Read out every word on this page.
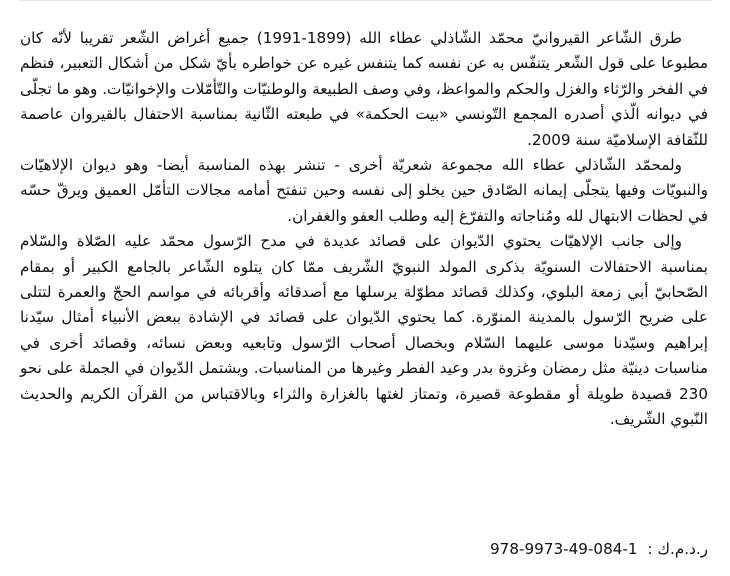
طرق الشّاعر القيروانيّ محمّد الشّاذلي عطاء الله (1899-1991) جميع أغراض الشّعر تقريبا لأنّه كان مطبوعا على قول الشّعر يتنفّس به عن نفسه كما يتنفس غيره عن خواطره بأيّ شكل من أشكال التعبير، فنظم في الفخر والرّثاء والغزل والحكم والمواعظ، وفي وصف الطبيعة والوطنيّات والتّأمّلات والإخوانيّات. وهو ما تجلّى في ديوانه الّذي أصدره المجمع التّونسي «بيت الحكمة» في طبعته الثّانية بمناسبة الاحتفال بالقيروان عاصمة للثّقافة الإسلاميّة سنة 2009.

ولمحمّد الشّاذلي عطاء الله مجموعة شعريّة أخرى - تنشر بهذه المناسبة أيضا- وهو ديوان الإلاهيّات والنبويّات وفيها يتجلّى إيمانه الصّادق حين يخلو إلى نفسه وحين تنفتح أمامه مجالات التأمّل العميق ويرقّ حسّه في لحظات الابتهال لله ومُناجاته والتفرّغ إليه وطلب العفو والغفران.

وإلى جانب الإلاهيّات يحتوي الدّيوان على قصائد عديدة في مدح الرّسول محمّد عليه الصّلاة والسّلام بمناسبة الاحتفالات السنويّة بذكرى المولد النبويّ الشّريف ممّا كان يتلوه الشّاعر بالجامع الكبير أو بمقام الصّحابيّ أبي زمعة البلوي، وكذلك قصائد مطوّلة يرسلها مع أصدقائه وأقربائه في مواسم الحجّ والعمرة لتتلى على ضريح الرّسول بالمدينة المنوّرة. كما يحتوي الدّيوان على قصائد في الإشادة ببعض الأنبياء أمثال سيّدنا إبراهيم وسيّدنا موسى عليهما السّلام وبخصال أصحاب الرّسول وتابعيه وبعض نسائه، وقصائد أخرى في مناسبات دينيّة مثل رمضان وغزوة بدر وعيد الفطر وغيرها من المناسبات. ويشتمل الدّيوان في الجملة على نحو 230 قصيدة طويلة أو مقطوعة قصيرة، وتمتاز لغتها بالغزارة والثراء وبالاقتباس من القرآن الكريم والحديث النّبوي الشّريف.

ر.د.م.ك :978-9973-49-084-1
